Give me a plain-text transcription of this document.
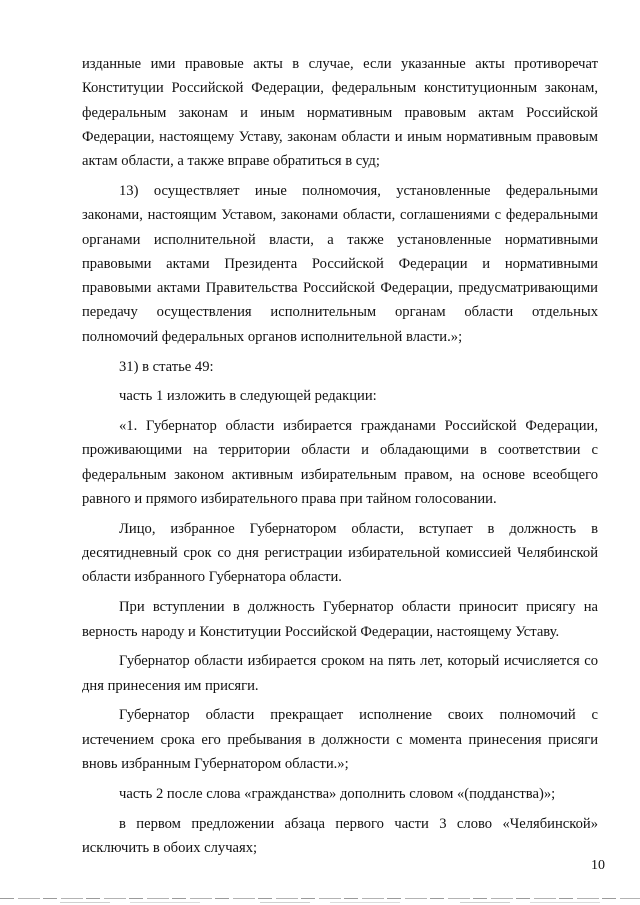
изданные ими правовые акты в случае, если указанные акты противоречат Конституции Российской Федерации, федеральным конституционным законам, федеральным законам и иным нормативным правовым актам Российской Федерации, настоящему Уставу, законам области и иным нормативным правовым актам области, а также вправе обратиться в суд;

13) осуществляет иные полномочия, установленные федеральными законами, настоящим Уставом, законами области, соглашениями с федеральными органами исполнительной власти, а также установленные нормативными правовыми актами Президента Российской Федерации и нормативными правовыми актами Правительства Российской Федерации, предусматривающими передачу осуществления исполнительным органам области отдельных полномочий федеральных органов исполнительной власти.»;

31) в статье 49:

часть 1 изложить в следующей редакции:

«1. Губернатор области избирается гражданами Российской Федерации, проживающими на территории области и обладающими в соответствии с федеральным законом активным избирательным правом, на основе всеобщего равного и прямого избирательного права при тайном голосовании.

Лицо, избранное Губернатором области, вступает в должность в десятидневный срок со дня регистрации избирательной комиссией Челябинской области избранного Губернатора области.

При вступлении в должность Губернатор области приносит присягу на верность народу и Конституции Российской Федерации, настоящему Уставу.

Губернатор области избирается сроком на пять лет, который исчисляется со дня принесения им присяги.

Губернатор области прекращает исполнение своих полномочий с истечением срока его пребывания в должности с момента принесения присяги вновь избранным Губернатором области.»;

часть 2 после слова «гражданства» дополнить словом «(подданства)»;

в первом предложении абзаца первого части 3 слово «Челябинской» исключить в обоих случаях;

10
